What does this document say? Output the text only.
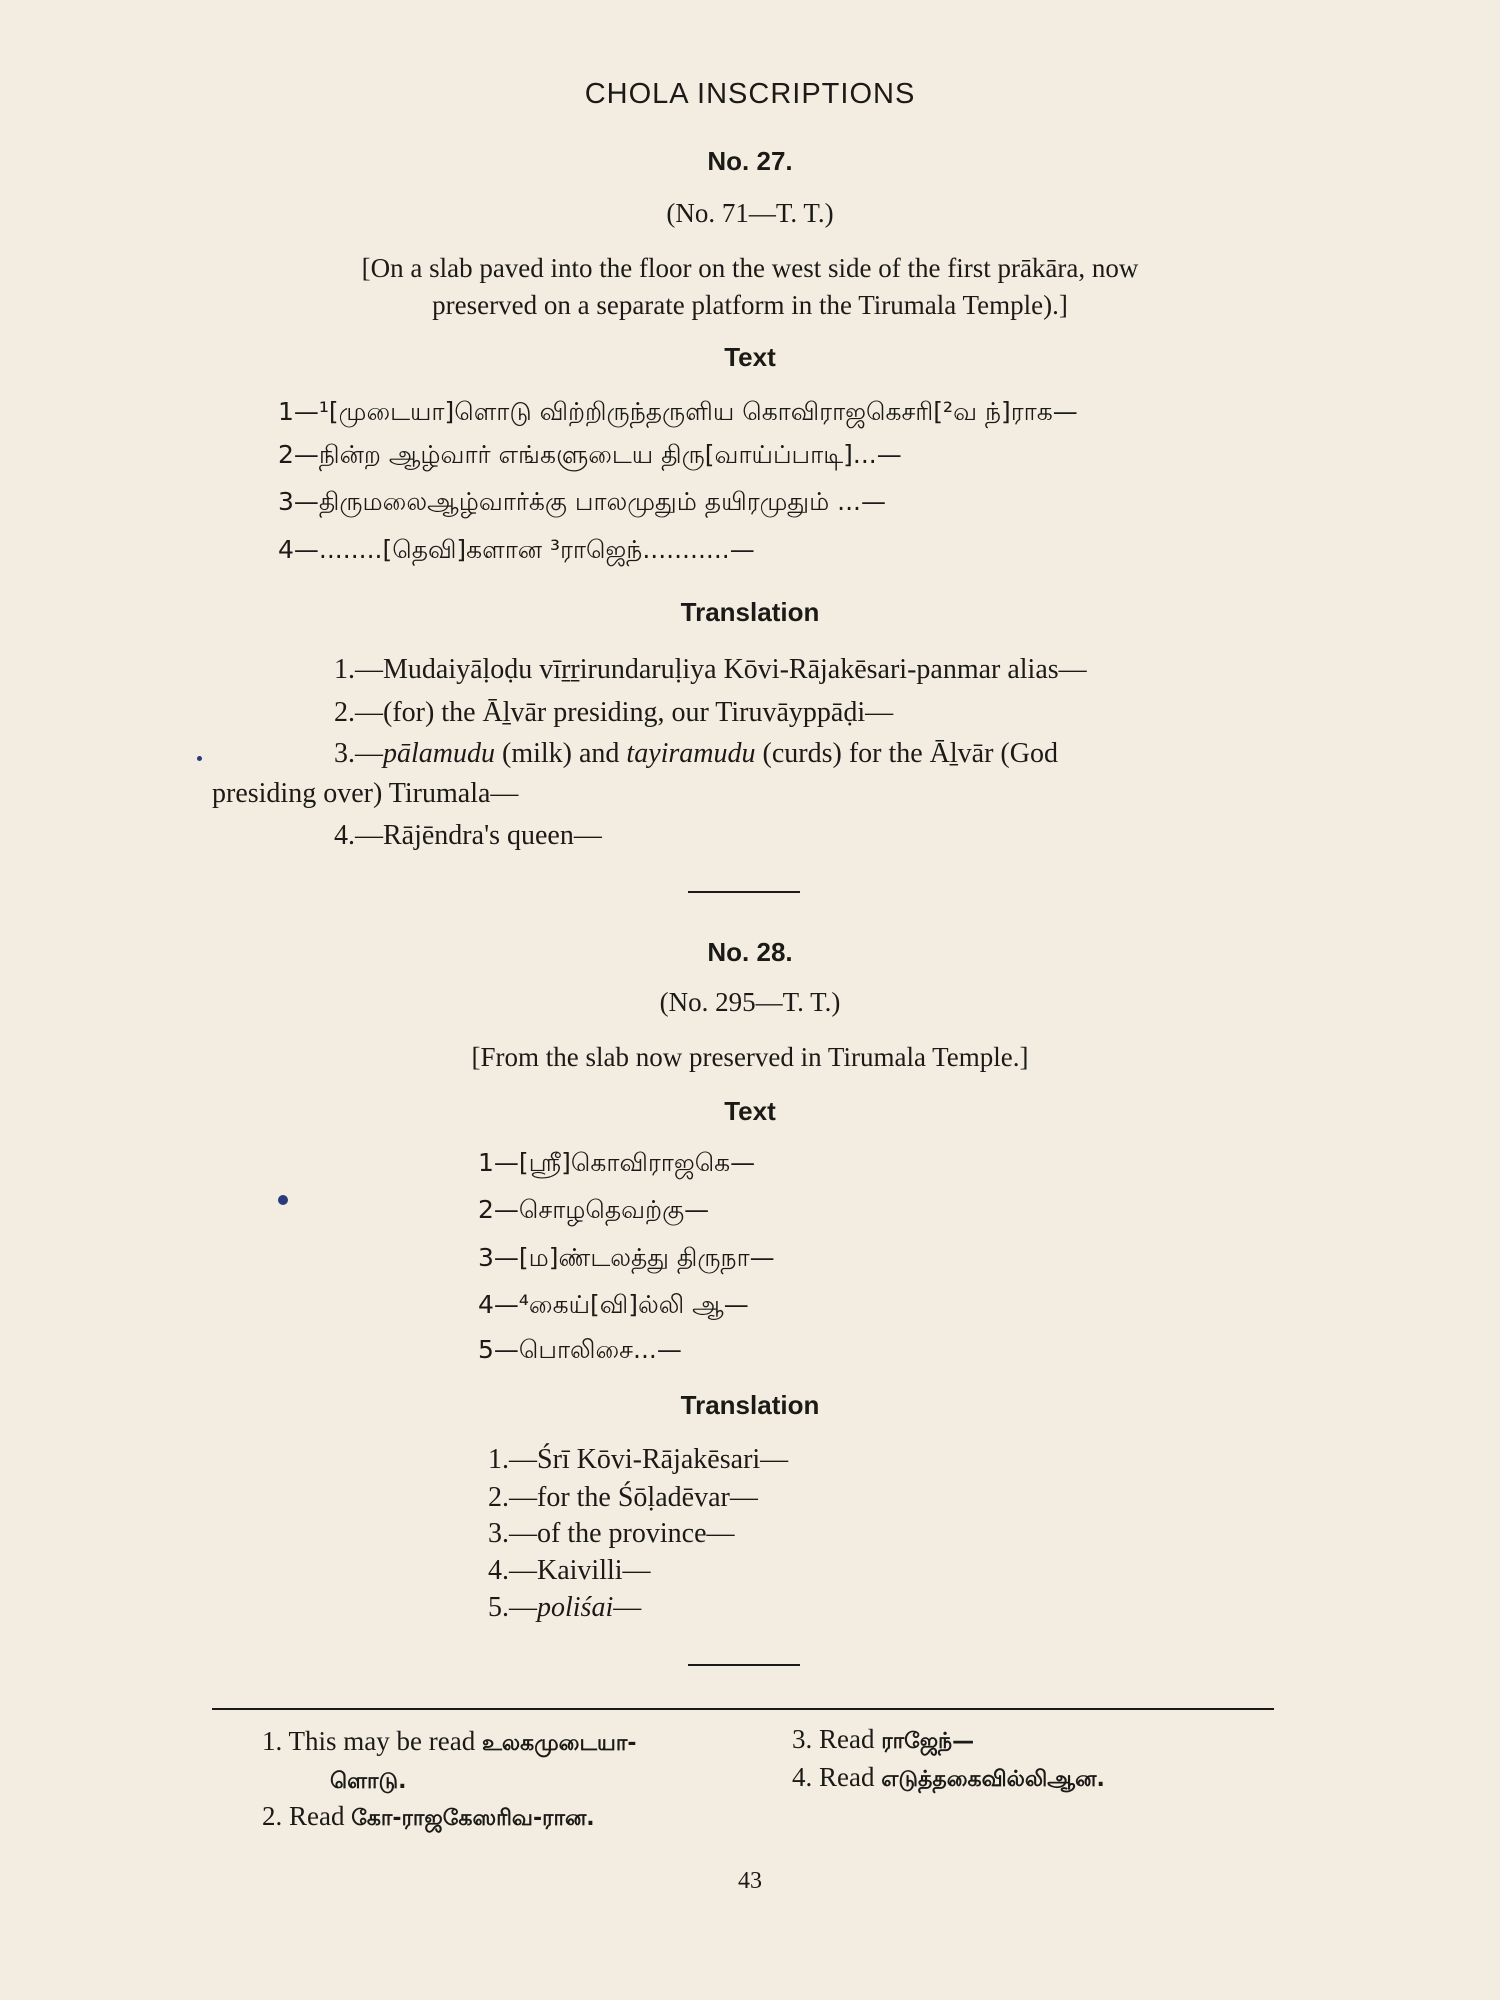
CHOLA INSCRIPTIONS
No. 27.
(No. 71—T. T.)
[On a slab paved into the floor on the west side of the first prākāra, now
preserved on a separate platform in the Tirumala Temple).]
Text
1—¹[முடையா]ளொடு விற்றிருந்தருளிய கொவிராஜகெசரி[²வ ந்]ராக—
2—நின்ற ஆழ்வார் எங்களுடைய திரு[வாய்ப்பாடி]...—
3—திருமலைஆழ்வார்க்கு பாலமுதும் தயிரமுதும் ...—
4—........[தெவி]களான ³ராஜெந்...........—
Translation
1.—Mudaiyāḷoḍu vīṟṟirundaruḷiya Kōvi-Rājakēsari-panmar alias—
2.—(for) the Āḻvār presiding, our Tiruvāyppāḍi—
3.—pālamudu (milk) and tayiramudu (curds) for the Āḻvār (God
presiding over) Tirumala—
4.—Rājēndra's queen—
No. 28.
(No. 295—T. T.)
[From the slab now preserved in Tirumala Temple.]
Text
1—[ஸ்ரீ]கொவிராஜகெ—
2—சொழதெவற்கு—
3—[ம]ண்டலத்து திருநா—
4—⁴கைய்[வி]ல்லி ஆ—
5—பொலிசை...—
Translation
1.—Śrī Kōvi-Rājakēsari—
2.—for the Śōḷadēvar—
3.—of the province—
4.—Kaivilli—
5.—poliśai—
1. This may be read உலகமுடையா-
ளொடு.
2. Read கோ-ராஜகேஸரிவ-ரான.
3. Read ராஜேந்—
4. Read எடுத்தகைவில்லிஆன.
43
